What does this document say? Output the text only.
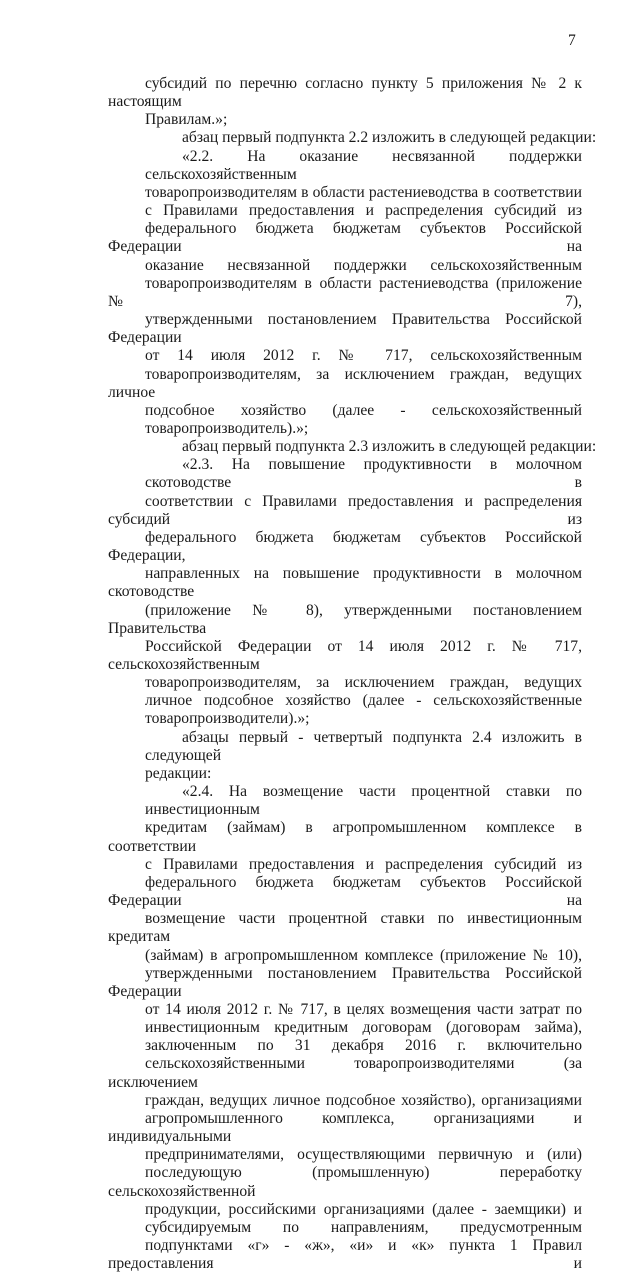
7
субсидий по перечню согласно пункту 5 приложения № 2 к настоящим
Правилам.»;
абзац первый подпункта 2.2 изложить в следующей редакции:
«2.2. На оказание несвязанной поддержки сельскохозяйственным
товаропроизводителям в области растениеводства в соответствии
с Правилами предоставления и распределения субсидий из
федерального бюджета бюджетам субъектов Российской Федерации на
оказание несвязанной поддержки сельскохозяйственным
товаропроизводителям в области растениеводства (приложение № 7),
утвержденными постановлением Правительства Российской Федерации
от 14 июля 2012 г. № 717, сельскохозяйственным
товаропроизводителям, за исключением граждан, ведущих личное
подсобное хозяйство (далее - сельскохозяйственный
товаропроизводитель).»;
абзац первый подпункта 2.3 изложить в следующей редакции:
«2.3. На повышение продуктивности в молочном скотоводстве в
соответствии с Правилами предоставления и распределения субсидий из
федерального бюджета бюджетам субъектов Российской Федерации,
направленных на повышение продуктивности в молочном скотоводстве
(приложение № 8), утвержденными постановлением Правительства
Российской Федерации от 14 июля 2012 г. № 717, сельскохозяйственным
товаропроизводителям, за исключением граждан, ведущих
личное подсобное хозяйство (далее - сельскохозяйственные
товаропроизводители).»;
абзацы первый - четвертый подпункта 2.4 изложить в следующей
редакции:
«2.4. На возмещение части процентной ставки по инвестиционным
кредитам (займам) в агропромышленном комплексе в соответствии
с Правилами предоставления и распределения субсидий из
федерального бюджета бюджетам субъектов Российской Федерации на
возмещение части процентной ставки по инвестиционным кредитам
(займам) в агропромышленном комплексе (приложение № 10),
утвержденными постановлением Правительства Российской Федерации
от 14 июля 2012 г. № 717, в целях возмещения части затрат по
инвестиционным кредитным договорам (договорам займа),
заключенным по 31 декабря 2016 г. включительно
сельскохозяйственными товаропроизводителями (за исключением
граждан, ведущих личное подсобное хозяйство), организациями
агропромышленного комплекса, организациями и индивидуальными
предпринимателями, осуществляющими первичную и (или)
последующую (промышленную) переработку сельскохозяйственной
продукции, российскими организациями (далее - заемщики) и
субсидируемым по направлениям, предусмотренным
подпунктами «г» - «ж», «и» и «к» пункта 1 Правил предоставления и
